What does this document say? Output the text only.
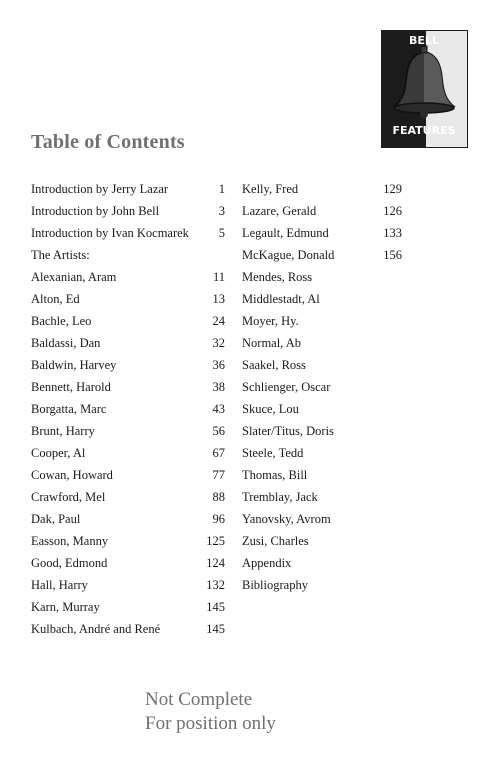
BELL
FEATURES
Table of Contents
Introduction by Jerry Lazar	1
Introduction by John Bell	3
Introduction by Ivan Kocmarek 5
The Artists:
Alexanian, Aram	11
Alton, Ed	13
Bachle, Leo	24
Baldassi, Dan	32
Baldwin, Harvey	36
Bennett, Harold	38
Borgatta, Marc	43
Brunt, Harry	56
Cooper, Al	67
Cowan, Howard	77
Crawford, Mel	88
Dak, Paul	96
Easson, Manny	125
Good, Edmond	124
Hall, Harry	132
Karn, Murray	145
Kulbach, André and René	145
Kelly, Fred	129
Lazare, Gerald	126
Legault, Edmund	133
McKague, Donald	156
Mendes, Ross
Middlestadt, Al
Moyer, Hy.
Normal, Ab
Saakel, Ross
Schlienger, Oscar
Skuce, Lou
Slater/Titus, Doris
Steele, Tedd
Thomas, Bill
Tremblay, Jack
Yanovsky, Avrom
Zusi, Charles
Appendix
Bibliography
Not Complete
For position only
